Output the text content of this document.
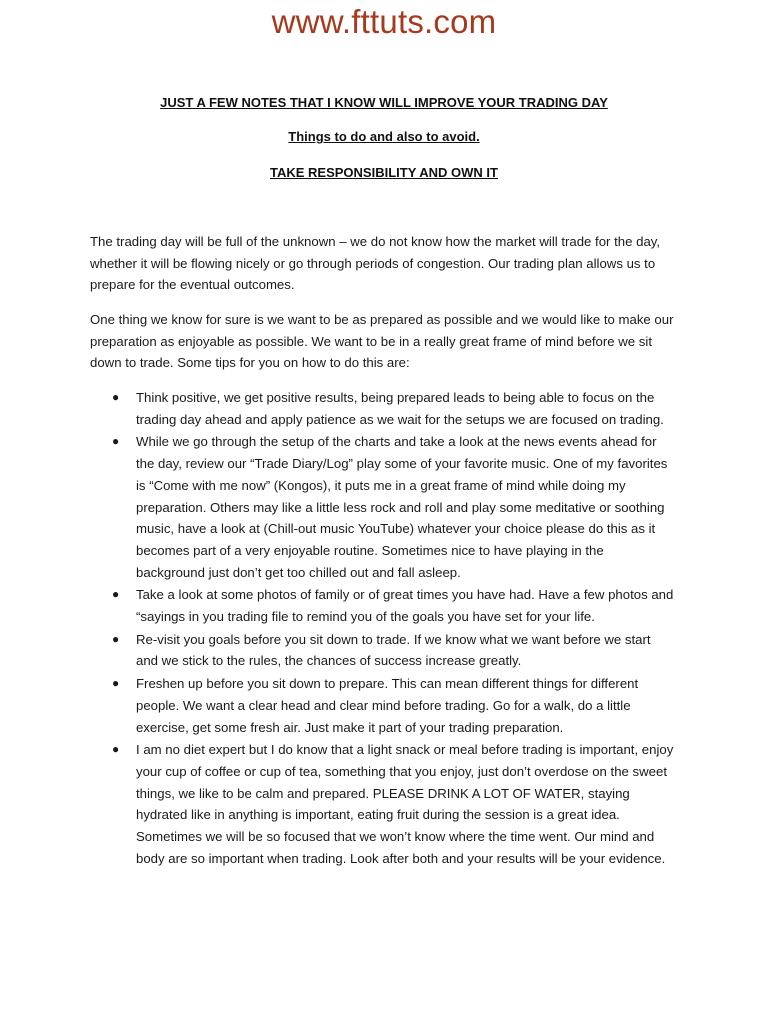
www.fttuts.com
JUST A FEW NOTES THAT I KNOW WILL IMPROVE YOUR TRADING DAY
Things to do and also to avoid.
TAKE RESPONSIBILITY AND OWN IT
The trading day will be full of the unknown – we do not know how the market will trade for the day, whether it will be flowing nicely or go through periods of congestion. Our trading plan allows us to prepare for the eventual outcomes.
One thing we know for sure is we want to be as prepared as possible and we would like to make our preparation as enjoyable as possible. We want to be in a really great frame of mind before we sit down to trade. Some tips for you on how to do this are:
● Think positive, we get positive results, being prepared leads to being able to focus on the trading day ahead and apply patience as we wait for the setups we are focused on trading.
● While we go through the setup of the charts and take a look at the news events ahead for the day, review our “Trade Diary/Log” play some of your favorite music. One of my favorites is “Come with me now” (Kongos), it puts me in a great frame of mind while doing my preparation. Others may like a little less rock and roll and play some meditative or soothing music, have a look at (Chill-out music YouTube) whatever your choice please do this as it becomes part of a very enjoyable routine. Sometimes nice to have playing in the background just don’t get too chilled out and fall asleep.
● Take a look at some photos of family or of great times you have had. Have a few photos and “sayings in you trading file to remind you of the goals you have set for your life.
● Re-visit you goals before you sit down to trade. If we know what we want before we start and we stick to the rules, the chances of success increase greatly.
● Freshen up before you sit down to prepare. This can mean different things for different people. We want a clear head and clear mind before trading. Go for a walk, do a little exercise, get some fresh air. Just make it part of your trading preparation.
● I am no diet expert but I do know that a light snack or meal before trading is important, enjoy your cup of coffee or cup of tea, something that you enjoy, just don’t overdose on the sweet things, we like to be calm and prepared. PLEASE DRINK A LOT OF WATER, staying hydrated like in anything is important, eating fruit during the session is a great idea. Sometimes we will be so focused that we won’t know where the time went. Our mind and body are so important when trading. Look after both and your results will be your evidence.
